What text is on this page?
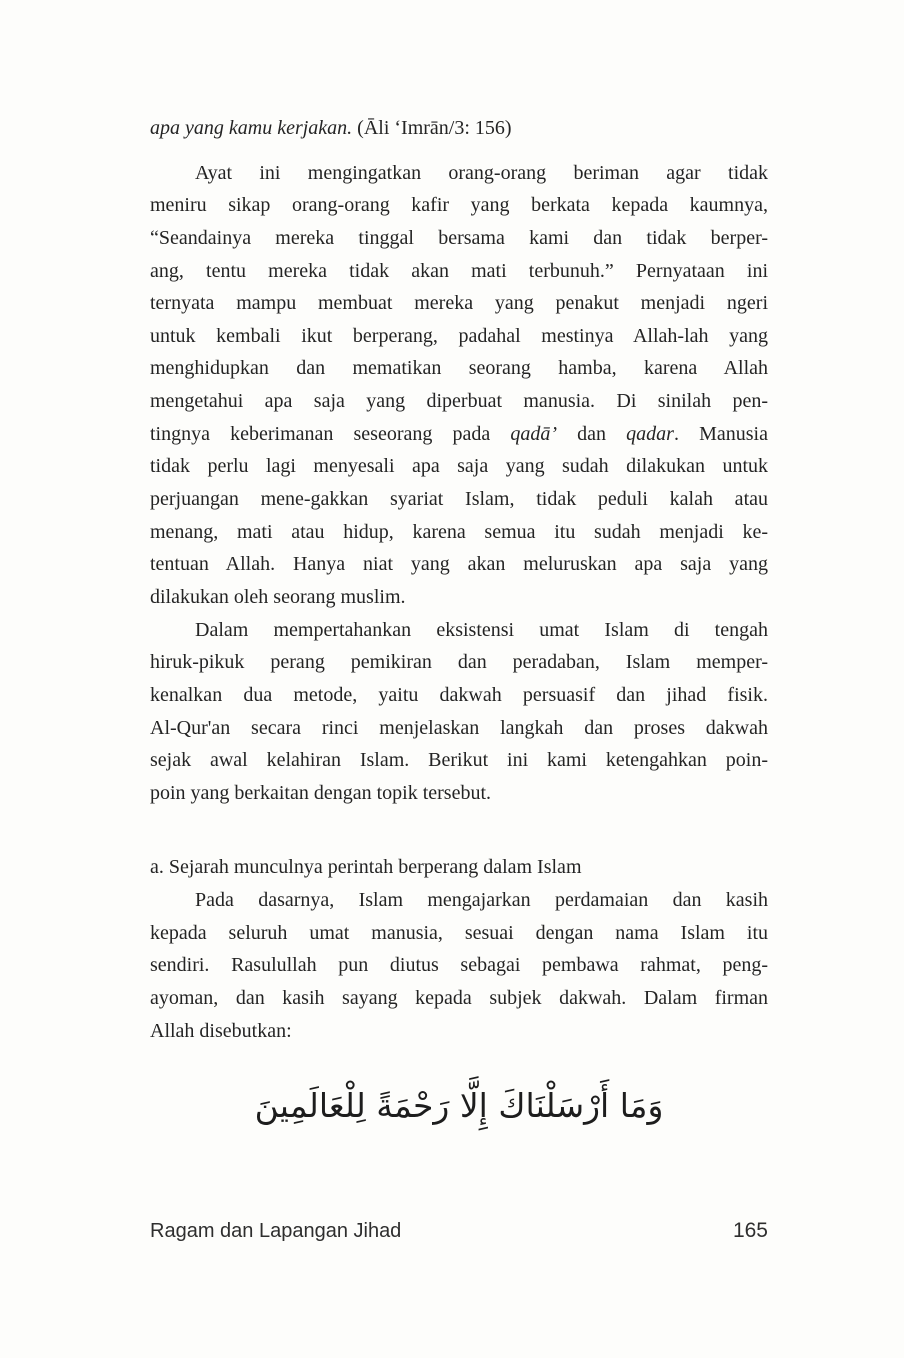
apa yang kamu kerjakan. (Āli ‘Imrān/3: 156)
Ayat ini mengingatkan orang-orang beriman agar tidak
meniru sikap orang-orang kafir yang berkata kepada kaumnya,
“Seandainya mereka tinggal bersama kami dan tidak berper-
ang, tentu mereka tidak akan mati terbunuh.” Pernyataan ini
ternyata mampu membuat mereka yang penakut menjadi ngeri
untuk kembali ikut berperang, padahal mestinya Allah-lah yang
menghidupkan dan mematikan seorang hamba, karena Allah
mengetahui apa saja yang diperbuat manusia. Di sinilah pen-
tingnya keberimanan seseorang pada qadā’ dan qadar. Manusia
tidak perlu lagi menyesali apa saja yang sudah dilakukan untuk
perjuangan mene-gakkan syariat Islam, tidak peduli kalah atau
menang, mati atau hidup, karena semua itu sudah menjadi ke-
tentuan Allah. Hanya niat yang akan meluruskan apa saja yang
dilakukan oleh seorang muslim.
Dalam mempertahankan eksistensi umat Islam di tengah
hiruk-pikuk perang pemikiran dan peradaban, Islam memper-
kenalkan dua metode, yaitu dakwah persuasif dan jihad fisik.
Al-Qur'an secara rinci menjelaskan langkah dan proses dakwah
sejak awal kelahiran Islam. Berikut ini kami ketengahkan poin-
poin yang berkaitan dengan topik tersebut.
a. Sejarah munculnya perintah berperang dalam Islam
Pada dasarnya, Islam mengajarkan perdamaian dan kasih
kepada seluruh umat manusia, sesuai dengan nama Islam itu
sendiri. Rasulullah pun diutus sebagai pembawa rahmat, peng-
ayoman, dan kasih sayang kepada subjek dakwah. Dalam firman
Allah disebutkan:
وَمَا أَرْسَلْنَاكَ إِلَّا رَحْمَةً لِلْعَالَمِينَ
Ragam dan Lapangan Jihad	165
